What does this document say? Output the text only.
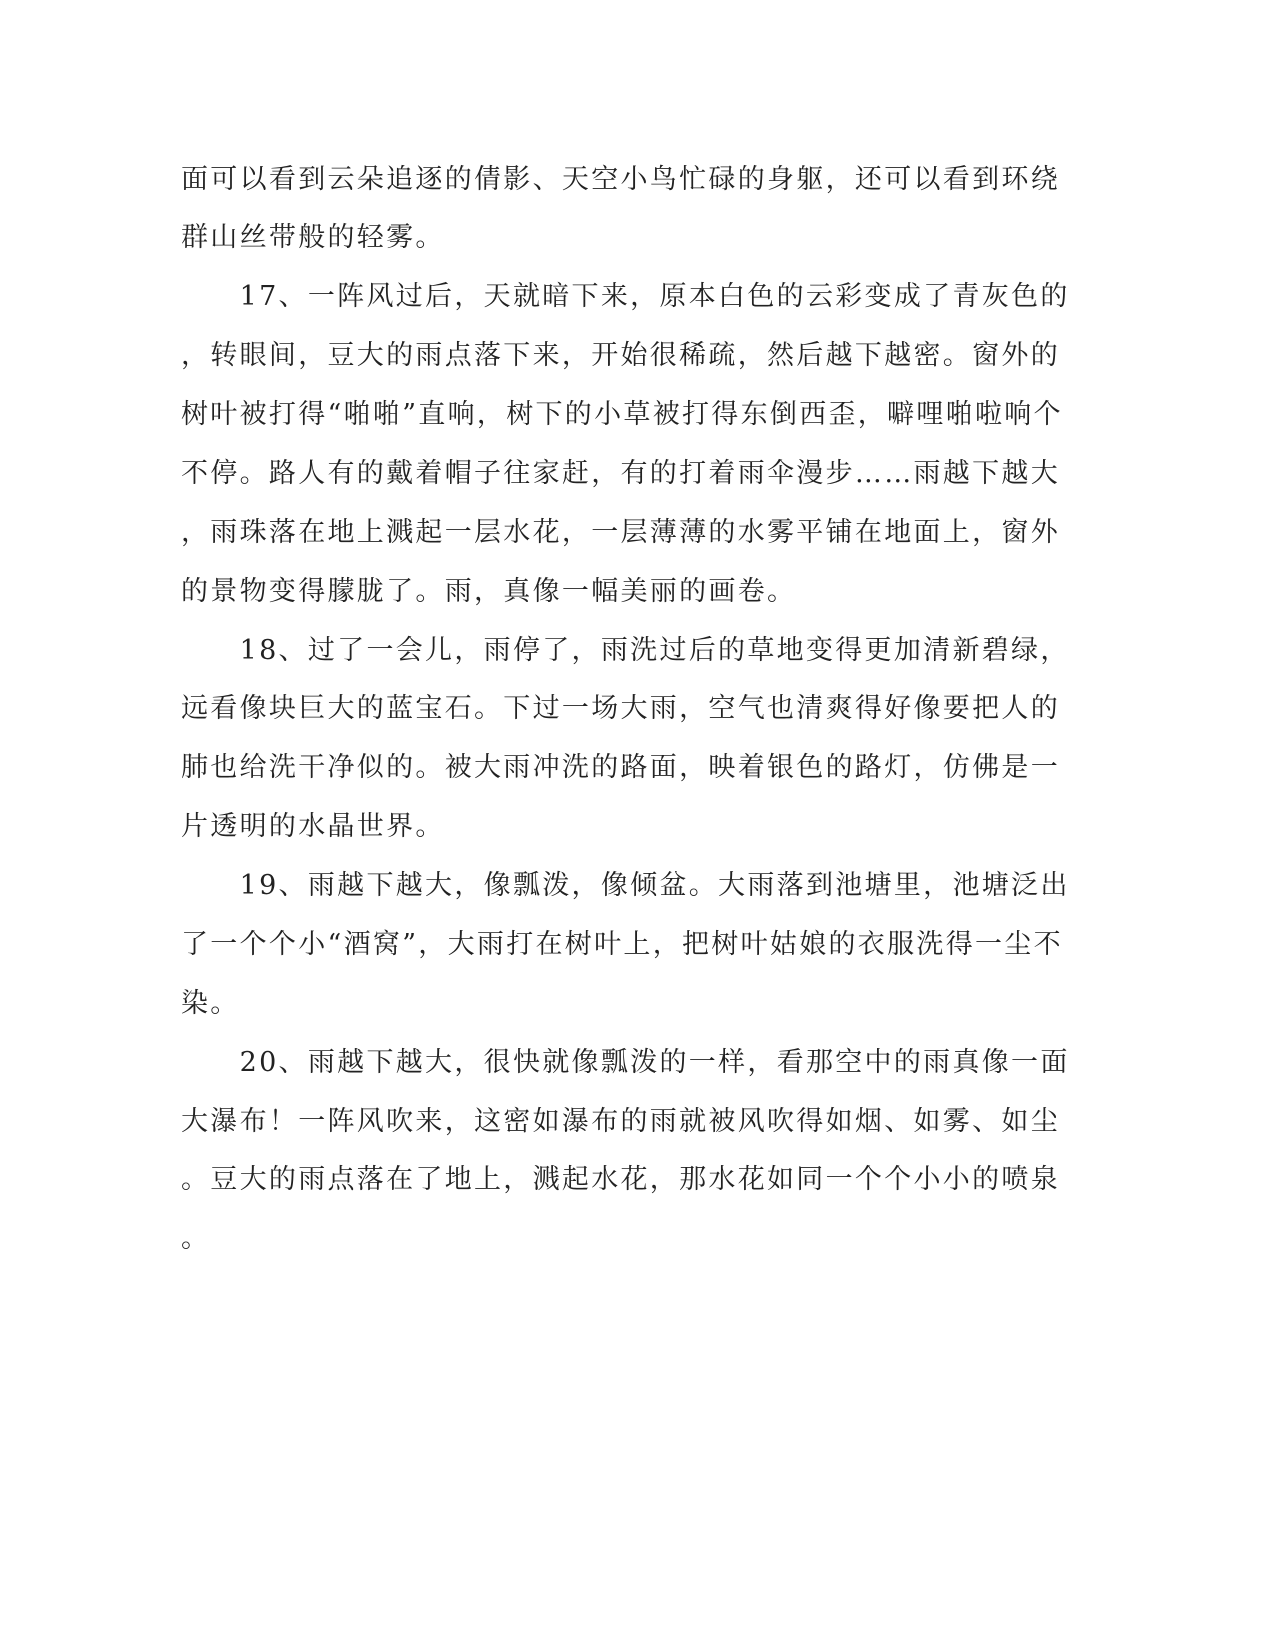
面可以看到云朵追逐的倩影、天空小鸟忙碌的身躯，还可以看到环绕
群山丝带般的轻雾。
　　17、一阵风过后，天就暗下来，原本白色的云彩变成了青灰色的
，转眼间，豆大的雨点落下来，开始很稀疏，然后越下越密。窗外的
树叶被打得“啪啪”直响，树下的小草被打得东倒西歪，噼哩啪啦响个
不停。路人有的戴着帽子往家赶，有的打着雨伞漫步……雨越下越大
，雨珠落在地上溅起一层水花，一层薄薄的水雾平铺在地面上，窗外
的景物变得朦胧了。雨，真像一幅美丽的画卷。
　　18、过了一会儿，雨停了，雨洗过后的草地变得更加清新碧绿，
远看像块巨大的蓝宝石。下过一场大雨，空气也清爽得好像要把人的
肺也给洗干净似的。被大雨冲洗的路面，映着银色的路灯，仿佛是一
片透明的水晶世界。
　　19、雨越下越大，像瓢泼，像倾盆。大雨落到池塘里，池塘泛出
了一个个小“酒窝”，大雨打在树叶上，把树叶姑娘的衣服洗得一尘不
染。
　　20、雨越下越大，很快就像瓢泼的一样，看那空中的雨真像一面
大瀑布！一阵风吹来，这密如瀑布的雨就被风吹得如烟、如雾、如尘
。豆大的雨点落在了地上，溅起水花，那水花如同一个个小小的喷泉
。
